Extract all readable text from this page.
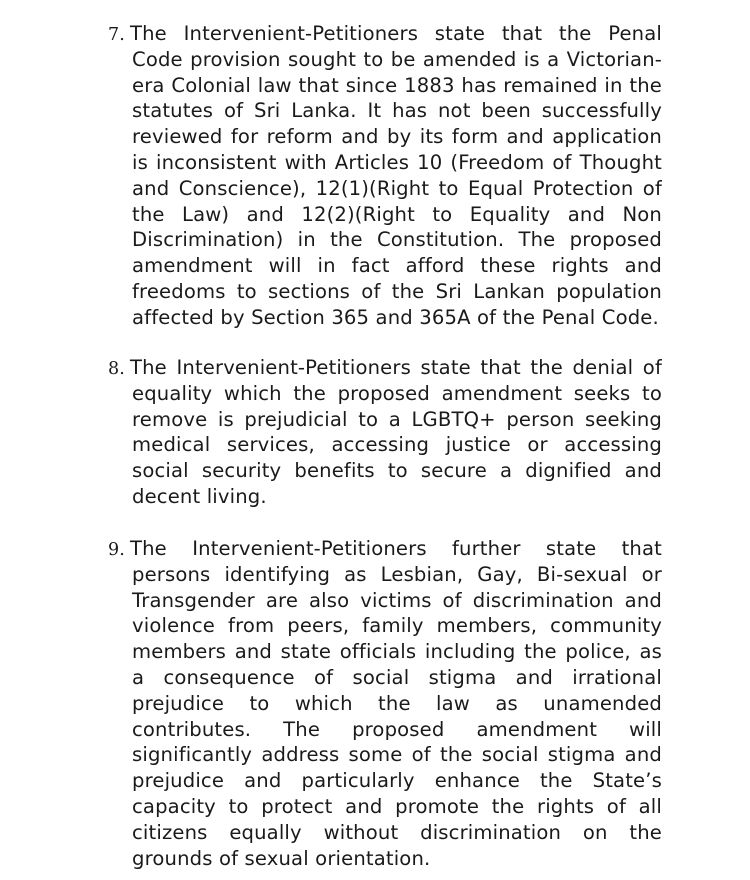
7. The Intervenient-Petitioners state that the Penal
Code provision sought to be amended is a Victorian-
era Colonial law that since 1883 has remained in the
statutes of Sri Lanka. It has not been successfully
reviewed for reform and by its form and application
is inconsistent with Articles 10 (Freedom of Thought
and Conscience), 12(1)(Right to Equal Protection of
the Law) and 12(2)(Right to Equality and Non
Discrimination) in the Constitution. The proposed
amendment will in fact afford these rights and
freedoms to sections of the Sri Lankan population
affected by Section 365 and 365A of the Penal Code.
8. The Intervenient-Petitioners state that the denial of
equality which the proposed amendment seeks to
remove is prejudicial to a LGBTQ+ person seeking
medical services, accessing justice or accessing
social security benefits to secure a dignified and
decent living.
9. The Intervenient-Petitioners further state that
persons identifying as Lesbian, Gay, Bi-sexual or
Transgender are also victims of discrimination and
violence from peers, family members, community
members and state officials including the police, as
a consequence of social stigma and irrational
prejudice to which the law as unamended
contributes. The proposed amendment will
significantly address some of the social stigma and
prejudice and particularly enhance the State’s
capacity to protect and promote the rights of all
citizens equally without discrimination on the
grounds of sexual orientation.
